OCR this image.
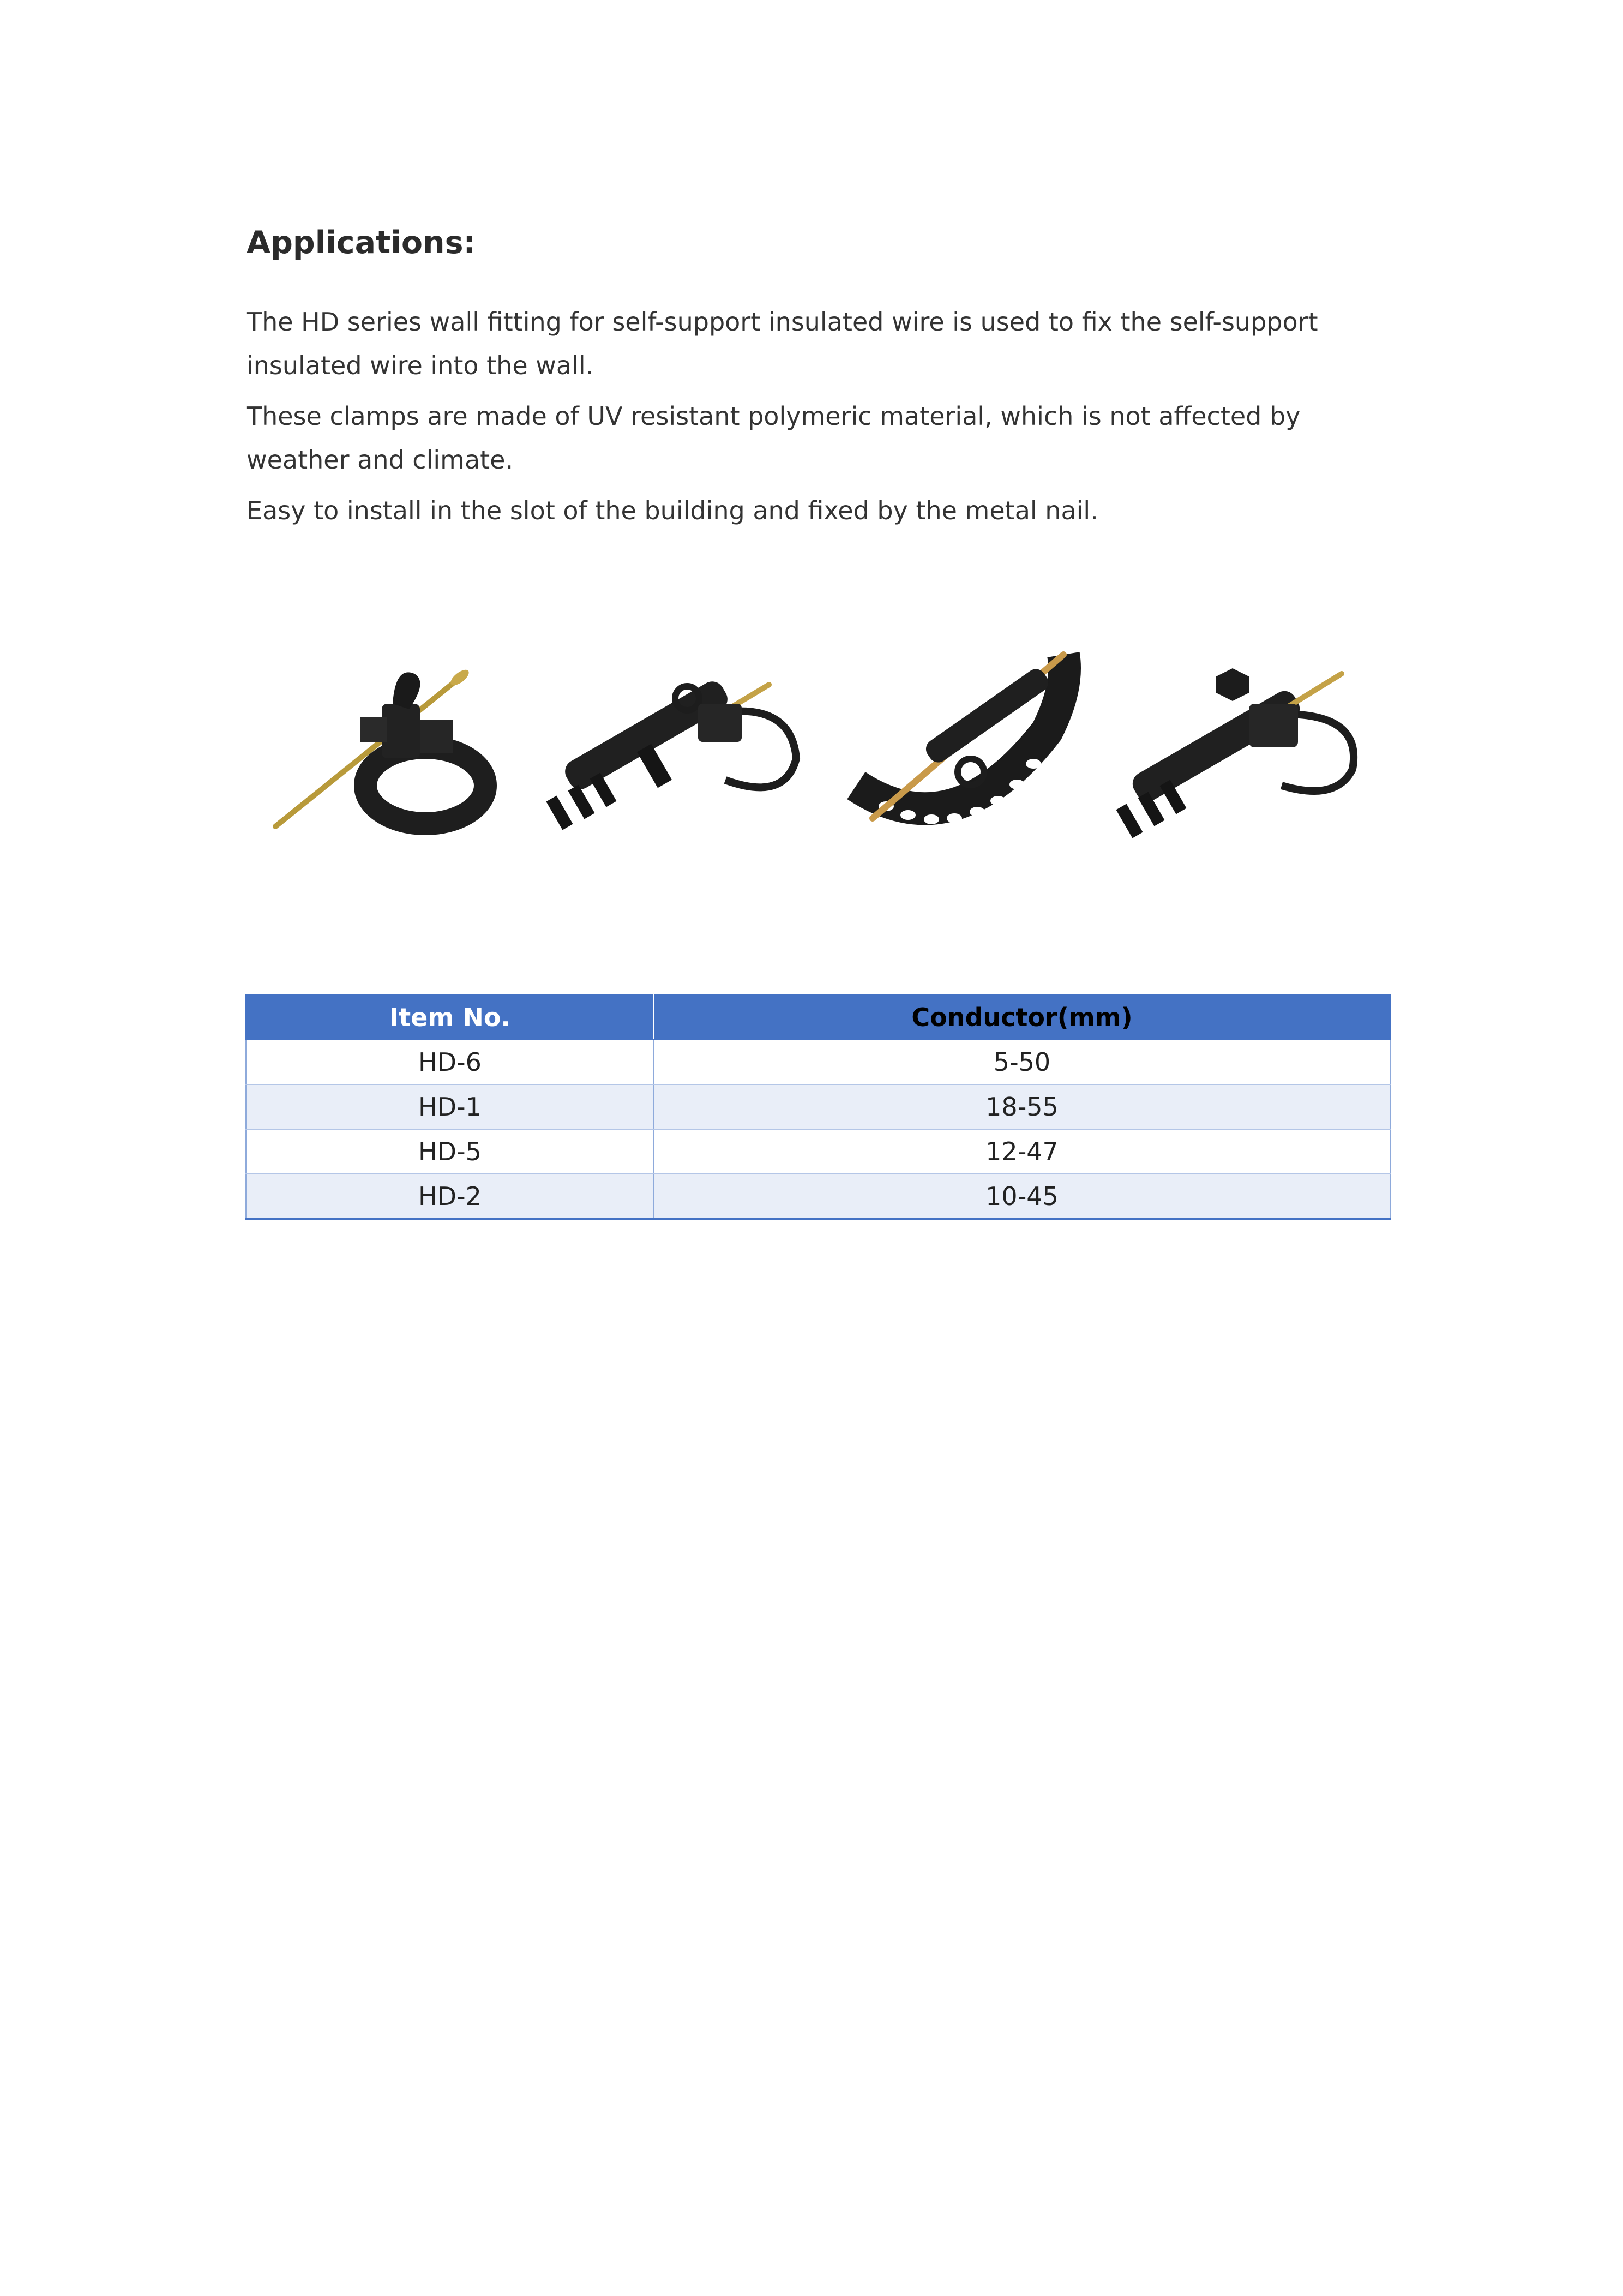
Applications:

The HD series wall fitting for self-support insulated wire is used to fix the self-support insulated wire into the wall.

These clamps are made of UV resistant polymeric material, which is not affected by weather and climate.

Easy to install in the slot of the building and fixed by the metal nail.

Item No.	Conductor(mm)
HD-6	5-50
HD-1	18-55
HD-5	12-47
HD-2	10-45
